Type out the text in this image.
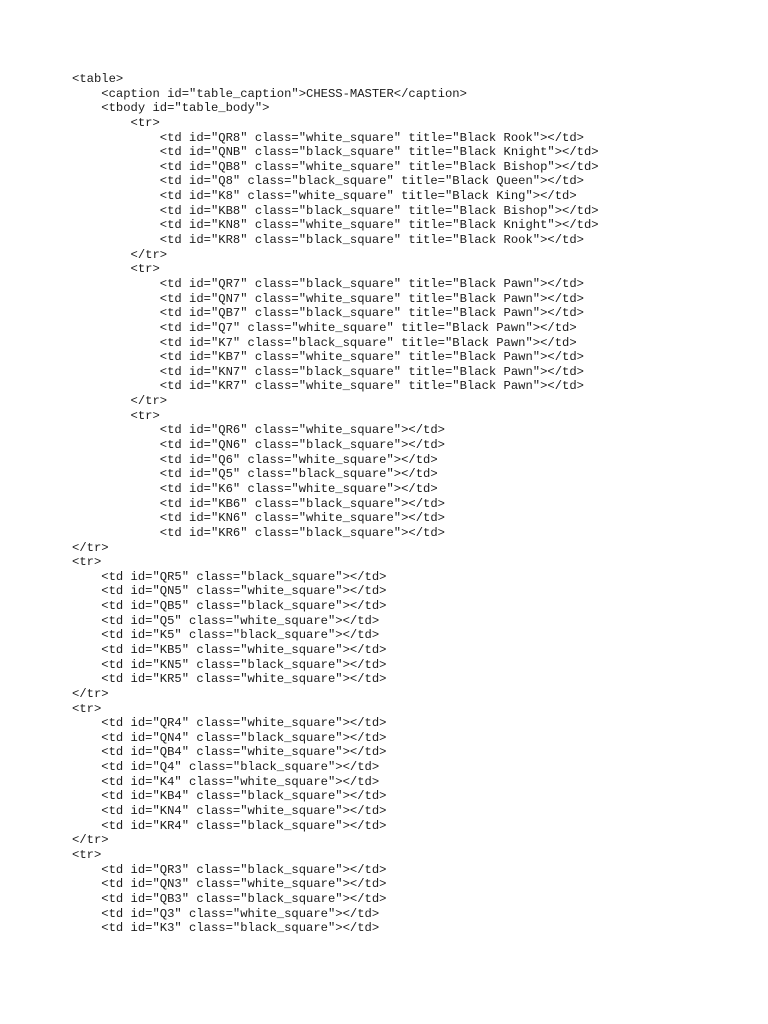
<table>
<caption id="table_caption">CHESS-MASTER</caption>
<tbody id="table_body">
<tr>
<td id="QR8" class="white_square" title="Black Rook"></td>
<td id="QNB" class="black_square" title="Black Knight"></td>
<td id="QB8" class="white_square" title="Black Bishop"></td>
<td id="Q8" class="black_square" title="Black Queen"></td>
<td id="K8" class="white_square" title="Black King"></td>
<td id="KB8" class="black_square" title="Black Bishop"></td>
<td id="KN8" class="white_square" title="Black Knight"></td>
<td id="KR8" class="black_square" title="Black Rook"></td>
</tr>
<tr>
<td id="QR7" class="black_square" title="Black Pawn"></td>
<td id="QN7" class="white_square" title="Black Pawn"></td>
<td id="QB7" class="black_square" title="Black Pawn"></td>
<td id="Q7" class="white_square" title="Black Pawn"></td>
<td id="K7" class="black_square" title="Black Pawn"></td>
<td id="KB7" class="white_square" title="Black Pawn"></td>
<td id="KN7" class="black_square" title="Black Pawn"></td>
<td id="KR7" class="white_square" title="Black Pawn"></td>
</tr>
<tr>
<td id="QR6" class="white_square"></td>
<td id="QN6" class="black_square"></td>
<td id="Q6" class="white_square"></td>
<td id="Q5" class="black_square"></td>
<td id="K6" class="white_square"></td>
<td id="KB6" class="black_square"></td>
<td id="KN6" class="white_square"></td>
<td id="KR6" class="black_square"></td>
</tr>
<tr>
<td id="QR5" class="black_square"></td>
<td id="QN5" class="white_square"></td>
<td id="QB5" class="black_square"></td>
<td id="Q5" class="white_square"></td>
<td id="K5" class="black_square"></td>
<td id="KB5" class="white_square"></td>
<td id="KN5" class="black_square"></td>
<td id="KR5" class="white_square"></td>
</tr>
<tr>
<td id="QR4" class="white_square"></td>
<td id="QN4" class="black_square"></td>
<td id="QB4" class="white_square"></td>
<td id="Q4" class="black_square"></td>
<td id="K4" class="white_square"></td>
<td id="KB4" class="black_square"></td>
<td id="KN4" class="white_square"></td>
<td id="KR4" class="black_square"></td>
</tr>
<tr>
<td id="QR3" class="black_square"></td>
<td id="QN3" class="white_square"></td>
<td id="QB3" class="black_square"></td>
<td id="Q3" class="white_square"></td>
<td id="K3" class="black_square"></td>
